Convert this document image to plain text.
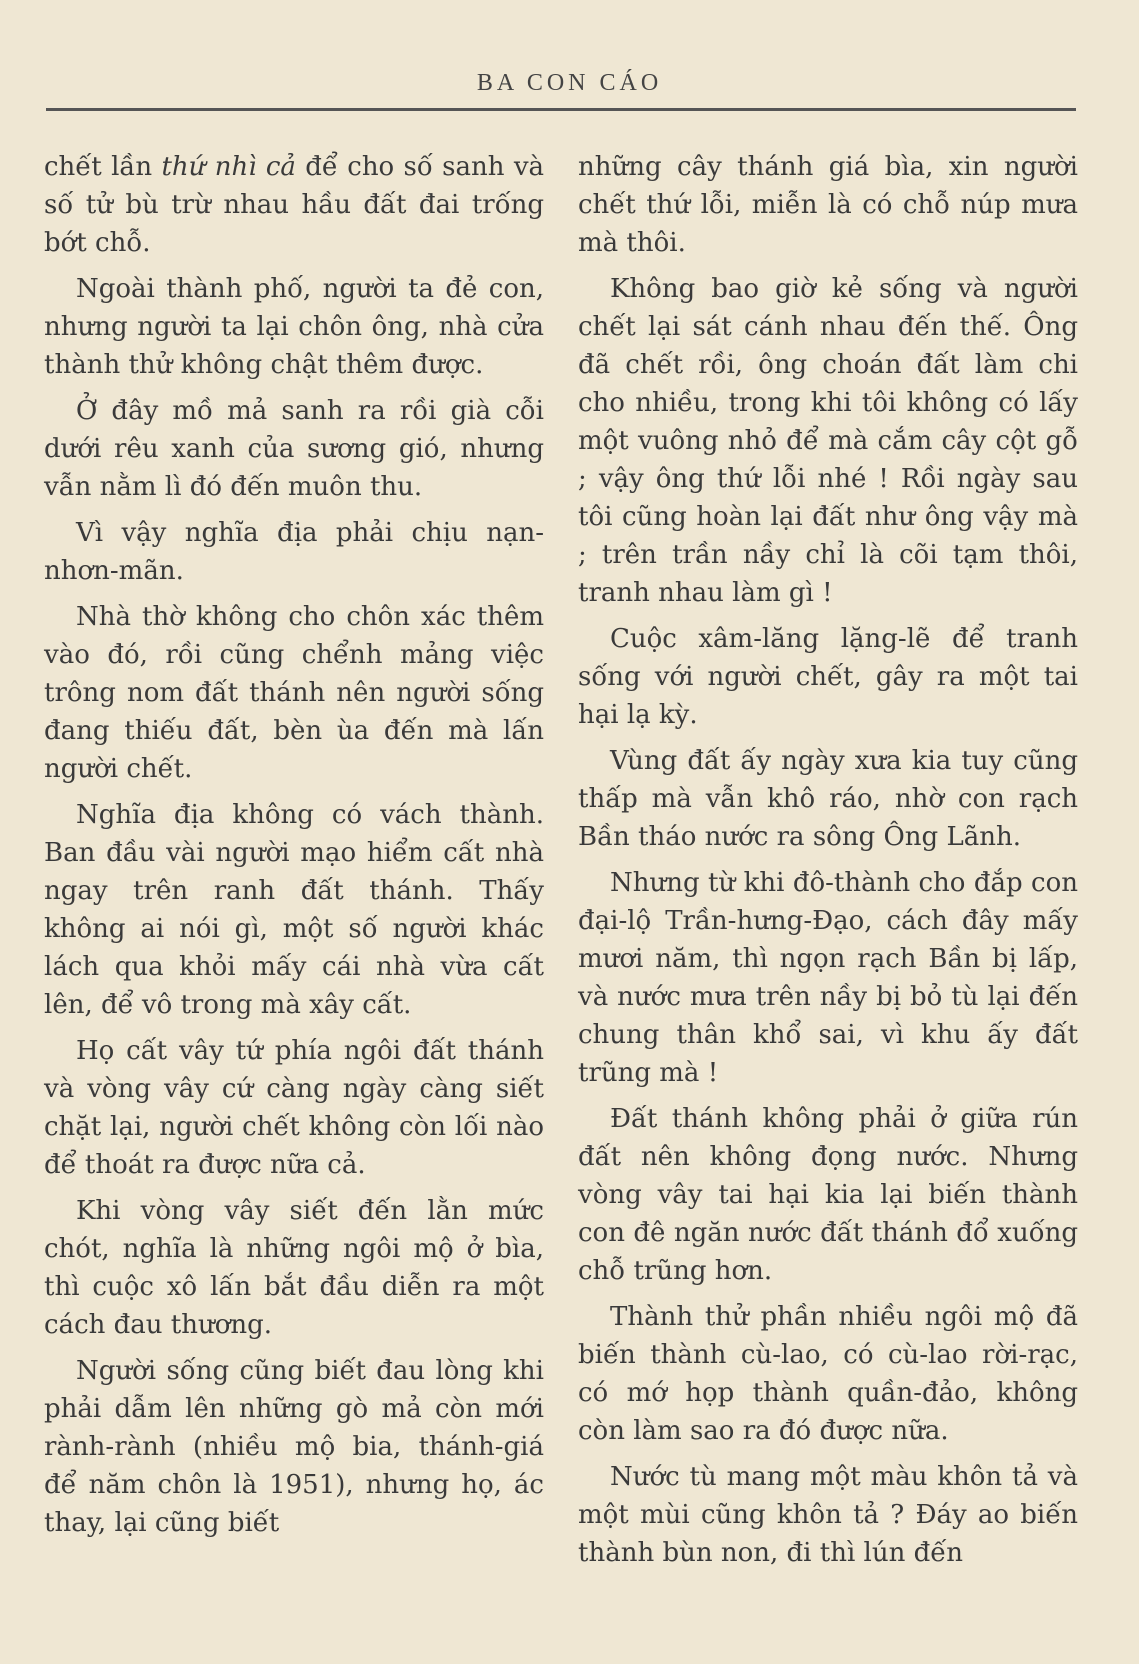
BA CON CÁO

chết lần thứ nhì cả để cho số sanh và số tử bù trừ nhau hầu đất đai trống bớt chỗ.

Ngoài thành phố, người ta đẻ con, nhưng người ta lại chôn ông, nhà cửa thành thử không chật thêm được.

Ở đây mồ mả sanh ra rồi già cỗi dưới rêu xanh của sương gió, nhưng vẫn nằm lì đó đến muôn thu.

Vì vậy nghĩa địa phải chịu nạn-nhơn-mãn.

Nhà thờ không cho chôn xác thêm vào đó, rồi cũng chểnh mảng việc trông nom đất thánh nên người sống đang thiếu đất, bèn ùa đến mà lấn người chết.

Nghĩa địa không có vách thành. Ban đầu vài người mạo hiểm cất nhà ngay trên ranh đất thánh. Thấy không ai nói gì, một số người khác lách qua khỏi mấy cái nhà vừa cất lên, để vô trong mà xây cất.

Họ cất vây tứ phía ngôi đất thánh và vòng vây cứ càng ngày càng siết chặt lại, người chết không còn lối nào để thoát ra được nữa cả.

Khi vòng vây siết đến lằn mức chót, nghĩa là những ngôi mộ ở bìa, thì cuộc xô lấn bắt đầu diễn ra một cách đau thương.

Người sống cũng biết đau lòng khi phải dẫm lên những gò mả còn mới rành-rành (nhiều mộ bia, thánh-giá để năm chôn là 1951), nhưng họ, ác thay, lại cũng biết

những cây thánh giá bìa, xin người chết thứ lỗi, miễn là có chỗ núp mưa mà thôi.

Không bao giờ kẻ sống và người chết lại sát cánh nhau đến thế. Ông đã chết rồi, ông choán đất làm chi cho nhiều, trong khi tôi không có lấy một vuông nhỏ để mà cắm cây cột gỗ ; vậy ông thứ lỗi nhé ! Rồi ngày sau tôi cũng hoàn lại đất như ông vậy mà ; trên trần nầy chỉ là cõi tạm thôi, tranh nhau làm gì !

Cuộc xâm-lăng lặng-lẽ để tranh sống với người chết, gây ra một tai hại lạ kỳ.

Vùng đất ấy ngày xưa kia tuy cũng thấp mà vẫn khô ráo, nhờ con rạch Bần tháo nước ra sông Ông Lãnh.

Nhưng từ khi đô-thành cho đắp con đại-lộ Trần-hưng-Đạo, cách đây mấy mươi năm, thì ngọn rạch Bần bị lấp, và nước mưa trên nầy bị bỏ tù lại đến chung thân khổ sai, vì khu ấy đất trũng mà !

Đất thánh không phải ở giữa rún đất nên không đọng nước. Nhưng vòng vây tai hại kia lại biến thành con đê ngăn nước đất thánh đổ xuống chỗ trũng hơn.

Thành thử phần nhiều ngôi mộ đã biến thành cù-lao, có cù-lao rời-rạc, có mớ họp thành quần-đảo, không còn làm sao ra đó được nữa.

Nước tù mang một màu khôn tả và một mùi cũng khôn tả ? Đáy ao biến thành bùn non, đi thì lún đến
